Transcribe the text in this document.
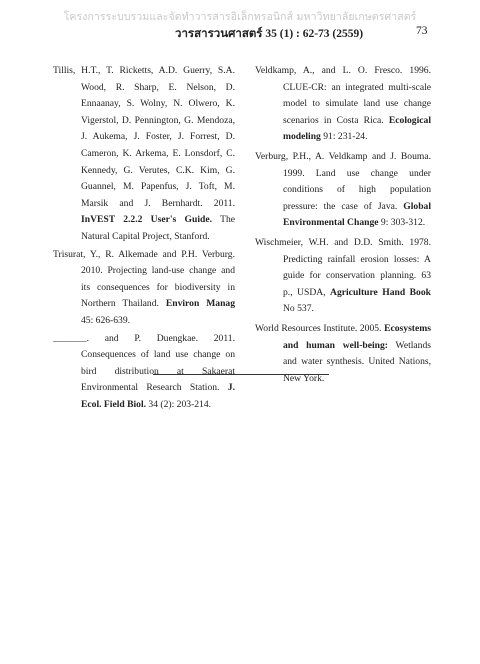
โครงการระบบรวมและจัดทำวารสารอิเล็กทรอนิกส์ มหาวิทยาลัยเกษตรศาสตร์
วารสารวนศาสตร์ 35 (1) : 62-73 (2559)	73

Tillis, H.T., T. Ricketts, A.D. Guerry, S.A. Wood, R. Sharp, E. Nelson, D. Ennaanay, S. Wolny, N. Olwero, K. Vigerstol, D. Pennington, G. Mendoza, J. Aukema, J. Foster, J. Forrest, D. Cameron, K. Arkema, E. Lonsdorf, C. Kennedy, G. Verutes, C.K. Kim, G. Guannel, M. Papenfus, J. Toft, M. Marsik and J. Bernhardt. 2011. InVEST 2.2.2 User's Guide. The Natural Capital Project, Stanford.

Trisurat, Y., R. Alkemade and P.H. Verburg. 2010. Projecting land-use change and its consequences for biodiversity in Northern Thailand. Environ Manag 45: 626-639.

_______. and P. Duengkae. 2011. Consequences of land use change on bird distribution at Sakaerat Environmental Research Station. J. Ecol. Field Biol. 34 (2): 203-214.

Veldkamp, A., and L. O. Fresco. 1996. CLUE-CR: an integrated multi-scale model to simulate land use change scenarios in Costa Rica. Ecological modeling 91: 231-24.

Verburg, P.H., A. Veldkamp and J. Bouma. 1999. Land use change under conditions of high population pressure: the case of Java. Global Environmental Change 9: 303-312.

Wischmeier, W.H. and D.D. Smith. 1978. Predicting rainfall erosion losses: A guide for conservation planning. 63 p., USDA, Agriculture Hand Book No 537.

World Resources Institute. 2005. Ecosystems and human well-being: Wetlands and water synthesis. United Nations, New York.
